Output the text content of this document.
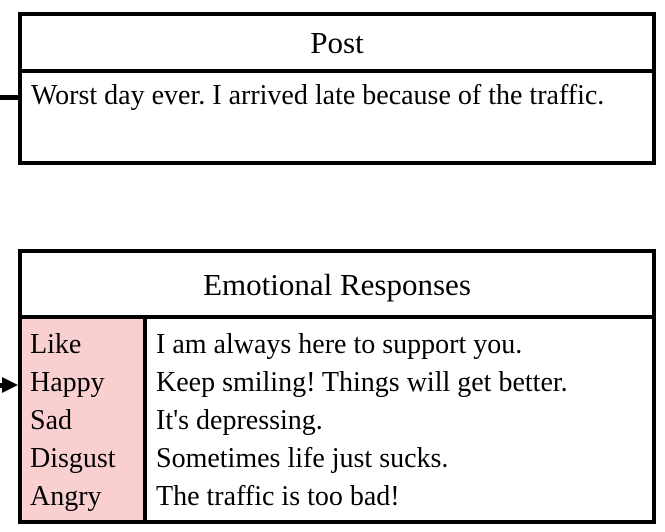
Post
Worst day ever. I arrived late because of the traffic.
Emotional Responses
Like
Happy
Sad
Disgust
Angry
I am always here to support you.
Keep smiling! Things will get better.
It's depressing.
Sometimes life just sucks.
The traffic is too bad!
